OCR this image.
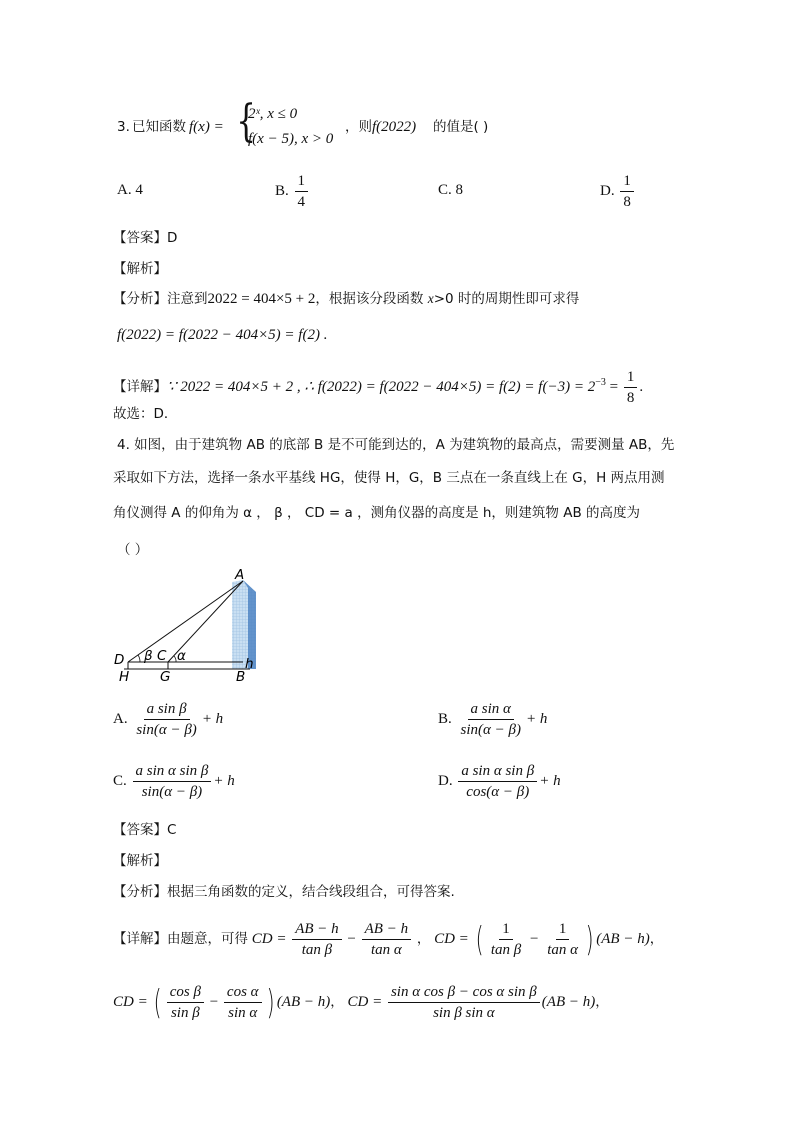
3. 已知函数 f(x) = {
2ˣ, x ≤ 0
f(x − 5), x > 0
，则 f(2022) 的值是( )
A. 4	B. $\frac{1}{4}$	C. 8	D. $\frac{1}{8}$
【答案】D
【解析】
【分析】注意到2022 = 404×5 + 2，根据该分段函数 x>0 时的周期性即可求得
f(2022) = f(2022 − 404×5) = f(2) .
【详解】∵ 2022 = 404×5 + 2 , ∴ $f(2022) = f(2022 - 404\times 5) = f(2) = f(-3) = 2^{-3} = \frac{1}{8}$ .
故选：D．
4. 如图，由于建筑物 AB 的底部 B 是不可能到达的，A 为建筑物的最高点，需要测量 AB，先
采取如下方法，选择一条水平基线 HG，使得 H，G，B 三点在一条直线上在 G，H 两点用测
角仪测得 A 的仰角为 α ， β ， CD = a ，测角仪器的高度是 h，则建筑物 AB 的高度为
（ ）
A
B
C
D
G
H
β α	h
A. $\frac{\text{a sin β}}{\sin(\alpha - \beta)} + h$	B. $\frac{\text{a sin α}}{\sin(\alpha - \beta)} + h$
C. $\frac{\text{a sin α sin β}}{\sin(\alpha - \beta)} + h$	D. $\frac{\text{a sin α sin β}}{\cos(\alpha - \beta)} + h$
【答案】C
【解析】
【分析】根据三角函数的定义，结合线段组合，可得答案.
【详解】由题意，可得 CD = $\frac{AB - h}{\text{tan β}} - \frac{AB - h}{\text{tan α}}$ ， CD = ( $\frac{1}{\text{tan β}} - \frac{1}{\text{tan α}}$ ) (AB − h)，
CD = ( $\frac{\text{cos β}}{\text{sin β}} - \frac{\text{cos α}}{\text{sin α}}$ ) (AB − h)， CD = $\frac{\text{sin α cos β − cos α sin β}}{\text{sin β sin α}} (AB - h)$，
